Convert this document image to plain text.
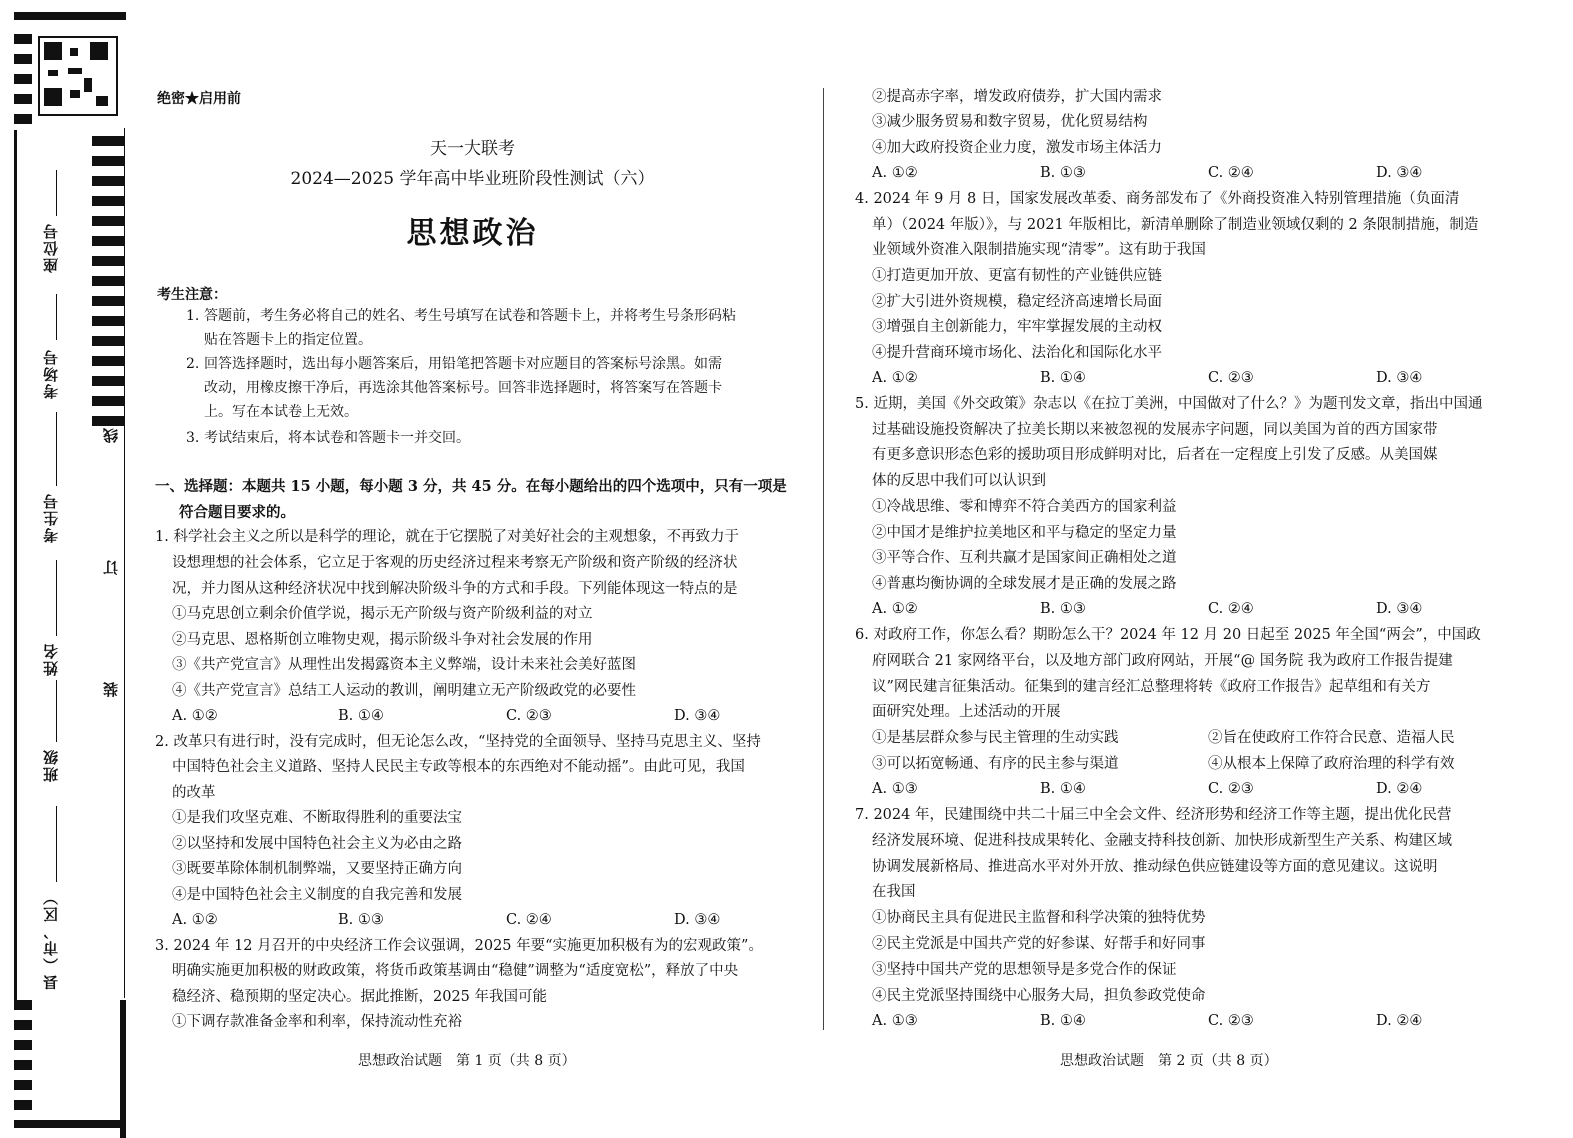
座位号
考场号
考生号
姓名
班级
县（市、区）
线
订
装
绝密★启用前
天一大联考
2024—2025 学年高中毕业班阶段性测试（六）
思想政治
考生注意：
1. 答题前，考生务必将自己的姓名、考生号填写在试卷和答题卡上，并将考生号条形码粘
贴在答题卡上的指定位置。
2. 回答选择题时，选出每小题答案后，用铅笔把答题卡对应题目的答案标号涂黑。如需
改动，用橡皮擦干净后，再选涂其他答案标号。回答非选择题时，将答案写在答题卡
上。写在本试卷上无效。
3. 考试结束后，将本试卷和答题卡一并交回。
一、选择题：本题共 15 小题，每小题 3 分，共 45 分。在每小题给出的四个选项中，只有一项是
符合题目要求的。
1. 科学社会主义之所以是科学的理论，就在于它摆脱了对美好社会的主观想象，不再致力于
设想理想的社会体系，它立足于客观的历史经济过程来考察无产阶级和资产阶级的经济状
况，并力图从这种经济状况中找到解决阶级斗争的方式和手段。下列能体现这一特点的是
①马克思创立剩余价值学说，揭示无产阶级与资产阶级利益的对立
②马克思、恩格斯创立唯物史观，揭示阶级斗争对社会发展的作用
③《共产党宣言》从理性出发揭露资本主义弊端，设计未来社会美好蓝图
④《共产党宣言》总结工人运动的教训，阐明建立无产阶级政党的必要性
A. ①②	B. ①④	C. ②③	D. ③④
2. 改革只有进行时，没有完成时，但无论怎么改，“坚持党的全面领导、坚持马克思主义、坚持
中国特色社会主义道路、坚持人民民主专政等根本的东西绝对不能动摇”。由此可见，我国
的改革
①是我们攻坚克难、不断取得胜利的重要法宝
②以坚持和发展中国特色社会主义为必由之路
③既要革除体制机制弊端，又要坚持正确方向
④是中国特色社会主义制度的自我完善和发展
A. ①②	B. ①③	C. ②④	D. ③④
3. 2024 年 12 月召开的中央经济工作会议强调，2025 年要“实施更加积极有为的宏观政策”。
明确实施更加积极的财政政策，将货币政策基调由“稳健”调整为“适度宽松”，释放了中央
稳经济、稳预期的坚定决心。据此推断，2025 年我国可能
①下调存款准备金率和利率，保持流动性充裕
②提高赤字率，增发政府债券，扩大国内需求
③减少服务贸易和数字贸易，优化贸易结构
④加大政府投资企业力度，激发市场主体活力
A. ①②	B. ①③	C. ②④	D. ③④
4. 2024 年 9 月 8 日，国家发展改革委、商务部发布了《外商投资准入特别管理措施（负面清
单）（2024 年版）》，与 2021 年版相比，新清单删除了制造业领域仅剩的 2 条限制措施，制造
业领域外资准入限制措施实现“清零”。这有助于我国
①打造更加开放、更富有韧性的产业链供应链
②扩大引进外资规模，稳定经济高速增长局面
③增强自主创新能力，牢牢掌握发展的主动权
④提升营商环境市场化、法治化和国际化水平
A. ①②	B. ①④	C. ②③	D. ③④
5. 近期，美国《外交政策》杂志以《在拉丁美洲，中国做对了什么？》为题刊发文章，指出中国通
过基础设施投资解决了拉美长期以来被忽视的发展赤字问题，同以美国为首的西方国家带
有更多意识形态色彩的援助项目形成鲜明对比，后者在一定程度上引发了反感。从美国媒
体的反思中我们可以认识到
①冷战思维、零和博弈不符合美西方的国家利益
②中国才是维护拉美地区和平与稳定的坚定力量
③平等合作、互利共赢才是国家间正确相处之道
④普惠均衡协调的全球发展才是正确的发展之路
A. ①②	B. ①③	C. ②④	D. ③④
6. 对政府工作，你怎么看？期盼怎么干？2024 年 12 月 20 日起至 2025 年全国“两会”，中国政
府网联合 21 家网络平台，以及地方部门政府网站，开展“@ 国务院 我为政府工作报告提建
议”网民建言征集活动。征集到的建言经汇总整理将转《政府工作报告》起草组和有关方
面研究处理。上述活动的开展
①是基层群众参与民主管理的生动实践	②旨在使政府工作符合民意、造福人民
③可以拓宽畅通、有序的民主参与渠道	④从根本上保障了政府治理的科学有效
A. ①③	B. ①④	C. ②③	D. ②④
7. 2024 年，民建围绕中共二十届三中全会文件、经济形势和经济工作等主题，提出优化民营
经济发展环境、促进科技成果转化、金融支持科技创新、加快形成新型生产关系、构建区域
协调发展新格局、推进高水平对外开放、推动绿色供应链建设等方面的意见建议。这说明
在我国
①协商民主具有促进民主监督和科学决策的独特优势
②民主党派是中国共产党的好参谋、好帮手和好同事
③坚持中国共产党的思想领导是多党合作的保证
④民主党派坚持围绕中心服务大局，担负参政党使命
A. ①③	B. ①④	C. ②③	D. ②④
思想政治试题　第 1 页（共 8 页）	思想政治试题　第 2 页（共 8 页）
